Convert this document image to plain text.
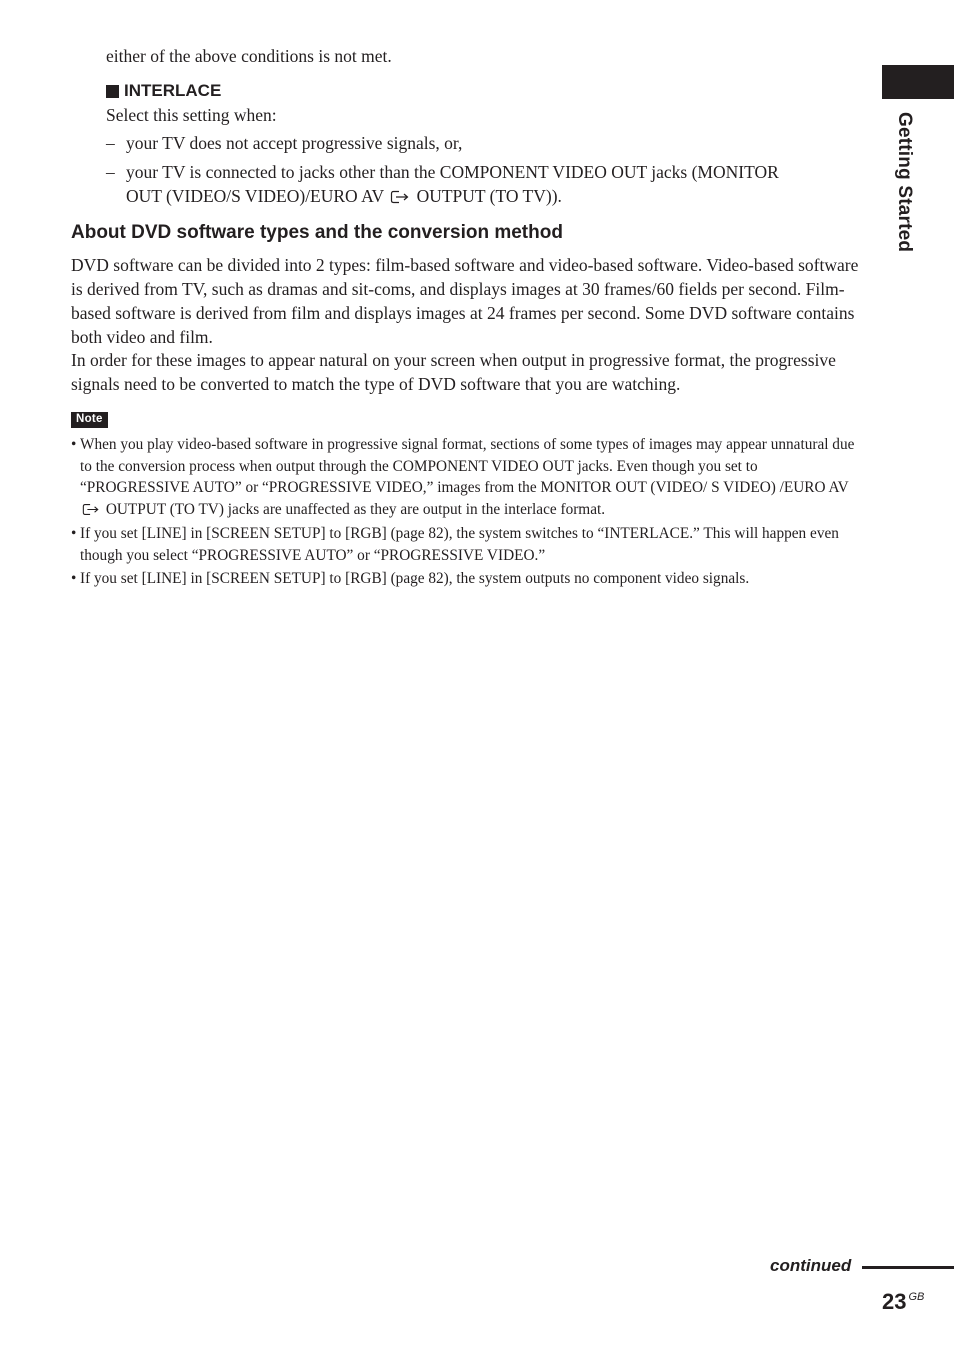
either of the above conditions is not met.
INTERLACE
Select this setting when:
– your TV does not accept progressive signals, or,
– your TV is connected to jacks other than the COMPONENT VIDEO OUT jacks (MONITOR
OUT (VIDEO/S VIDEO)/EURO AV OUTPUT (TO TV)).
About DVD software types and the conversion method
DVD software can be divided into 2 types: film-based software and video-based software. Video-based software is derived from TV, such as dramas and sit-coms, and displays images at 30 frames/60 fields per second. Film-based software is derived from film and displays images at 24 frames per second. Some DVD software contains both video and film.
In order for these images to appear natural on your screen when output in progressive format, the progressive signals need to be converted to match the type of DVD software that you are watching.
Note
• When you play video-based software in progressive signal format, sections of some types of images may appear unnatural due to the conversion process when output through the COMPONENT VIDEO OUT jacks. Even though you set to “PROGRESSIVE AUTO” or “PROGRESSIVE VIDEO,” images from the MONITOR OUT (VIDEO/ S VIDEO) /EURO AV  OUTPUT (TO TV) jacks are unaffected as they are output in the interlace format.
• If you set [LINE] in [SCREEN SETUP] to [RGB] (page 82), the system switches to “INTERLACE.” This will happen even though you select “PROGRESSIVE AUTO” or “PROGRESSIVE VIDEO.”
• If you set [LINE] in [SCREEN SETUP] to [RGB] (page 82), the system outputs no component video signals.
Getting Started
continued
23 $^{GB}$
